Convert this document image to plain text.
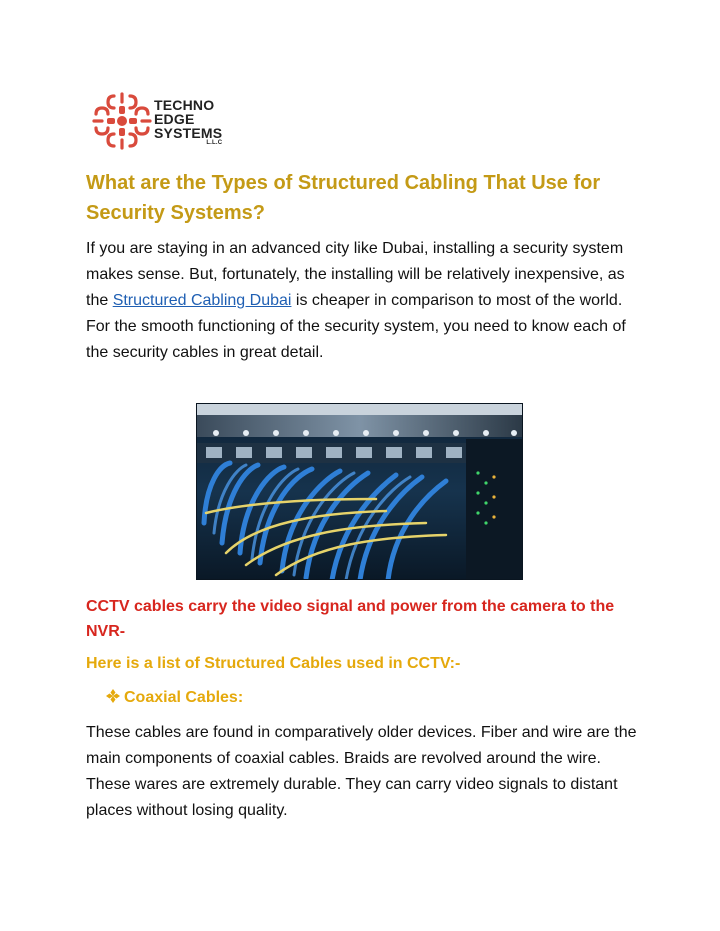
TECHNO
EDGE
SYSTEMS
L.L.C
What are the Types of Structured Cabling That Use for Security Systems?

If you are staying in an advanced city like Dubai, installing a security system makes sense. But, fortunately, the installing will be relatively inexpensive, as the Structured Cabling Dubai is cheaper in comparison to most of the world. For the smooth functioning of the security system, you need to know each of the security cables in great detail.

CCTV cables carry the video signal and power from the camera to the NVR-

Here is a list of Structured Cables used in CCTV:-

Coaxial Cables:

These cables are found in comparatively older devices. Fiber and wire are the main components of coaxial cables. Braids are revolved around the wire. These wares are extremely durable. They can carry video signals to distant places without losing quality.
